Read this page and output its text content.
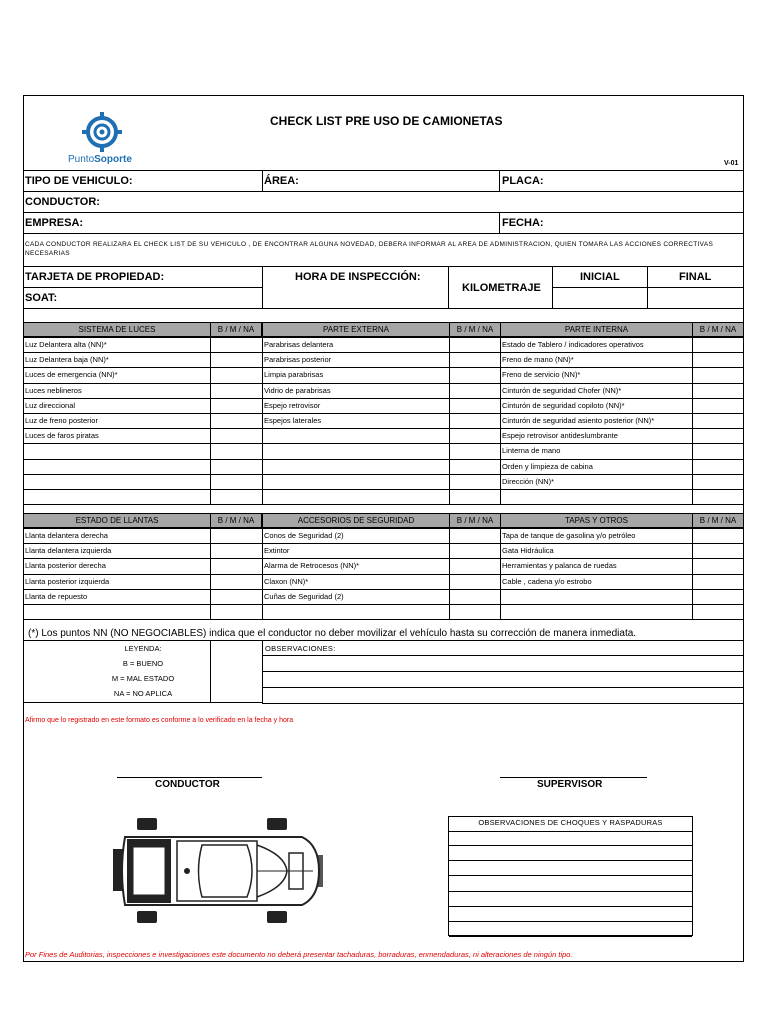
PuntoSoporte
CHECK LIST PRE USO DE CAMIONETAS
V-01
TIPO DE VEHICULO:	ÁREA:	PLACA:
CONDUCTOR:
EMPRESA:	FECHA:
CADA CONDUCTOR REALIZARA EL CHECK LIST DE SU VEHICULO , DE ENCONTRAR ALGUNA NOVEDAD, DEBERA INFORMAR AL AREA DE ADMINISTRACION, QUIEN TOMARA LAS ACCIONES CORRECTIVAS NECESARIAS
TARJETA DE PROPIEDAD:	HORA DE INSPECCIÓN:
KILOMETRAJE
INICIAL	FINAL
SOAT:
SISTEMA DE LUCES	B / M / NA
Luz Delantera alta (NN)*
Luz Delantera baja (NN)*
Luces de emergencia (NN)*
Luces neblineros
Luz direccional
Luz de freno posterior
Luces de faros piratas
PARTE EXTERNA	B / M / NA
Parabrisas delantera
Parabrisas posterior
Limpia parabrisas
Vidrio de parabrisas
Espejo retrovisor
Espejos laterales
PARTE INTERNA	B / M / NA
Estado de Tablero / indicadores operativos
Freno de mano (NN)*
Freno de servicio (NN)*
Cinturón de seguridad Chofer (NN)*
Cinturón de seguridad copiloto (NN)*
Cinturón de seguridad asiento posterior (NN)*
Espejo retrovisor antideslumbrante
Linterna de mano
Orden y limpieza de cabina
Dirección (NN)*
ESTADO DE LLANTAS	B / M / NA
Llanta delantera derecha
Llanta delantera izquierda
Llanta posterior derecha
Llanta posterior izquierda
Llanta de repuesto
ACCESORIOS DE SEGURIDAD	B / M / NA
Conos de Seguridad (2)
Extintor
Alarma de Retrocesos (NN)*
Claxon (NN)*
Cuñas de Seguridad (2)
TAPAS Y OTROS	B / M / NA
Tapa de tanque de gasolina y/o petróleo
Gata Hidráulica
Herramientas y palanca de ruedas
Cable , cadena y/o estrobo
(*) Los puntos NN (NO NEGOCIABLES) indica que el conductor no deber movilizar el vehículo hasta su corrección de manera inmediata.
LEYENDA:
B = BUENO
M = MAL ESTADO
NA = NO APLICA
OBSERVACIONES:
Afirmo que lo registrado en este formato es conforme a lo verificado en la fecha y hora
CONDUCTOR	SUPERVISOR
OBSERVACIONES DE CHOQUES Y RASPADURAS
Por Fines de Auditorias, inspecciones e investigaciones este documento no deberá presentar tachaduras, borraduras, enmendaduras, ni alteraciones de ningún tipo.
